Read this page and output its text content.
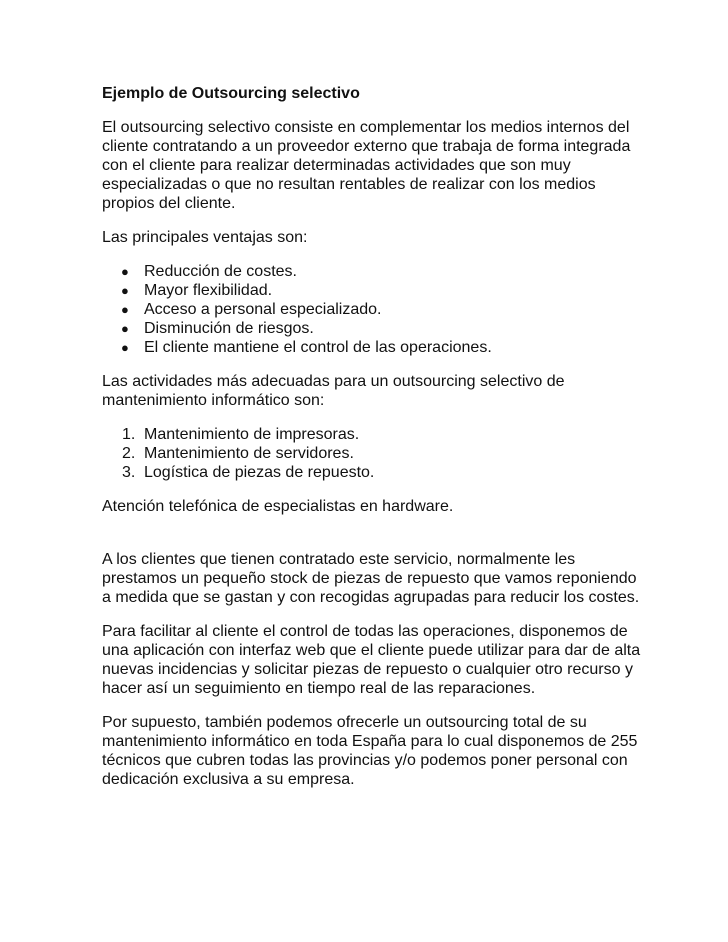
Ejemplo de Outsourcing selectivo

El outsourcing selectivo consiste en complementar los medios internos del cliente contratando a un proveedor externo que trabaja de forma integrada con el cliente para realizar determinadas actividades que son muy especializadas o que no resultan rentables de realizar con los medios propios del cliente.

Las principales ventajas son:

● Reducción de costes.
● Mayor flexibilidad.
● Acceso a personal especializado.
● Disminución de riesgos.
● El cliente mantiene el control de las operaciones.

Las actividades más adecuadas para un outsourcing selectivo de mantenimiento informático son:

1. Mantenimiento de impresoras.
2. Mantenimiento de servidores.
3. Logística de piezas de repuesto.

Atención telefónica de especialistas en hardware.

A los clientes que tienen contratado este servicio, normalmente les prestamos un pequeño stock de piezas de repuesto que vamos reponiendo a medida que se gastan y con recogidas agrupadas para reducir los costes.

Para facilitar al cliente el control de todas las operaciones, disponemos de una aplicación con interfaz web que el cliente puede utilizar para dar de alta nuevas incidencias y solicitar piezas de repuesto o cualquier otro recurso y hacer así un seguimiento en tiempo real de las reparaciones.

Por supuesto, también podemos ofrecerle un outsourcing total de su mantenimiento informático en toda España para lo cual disponemos de 255 técnicos que cubren todas las provincias y/o podemos poner personal con dedicación exclusiva a su empresa.
